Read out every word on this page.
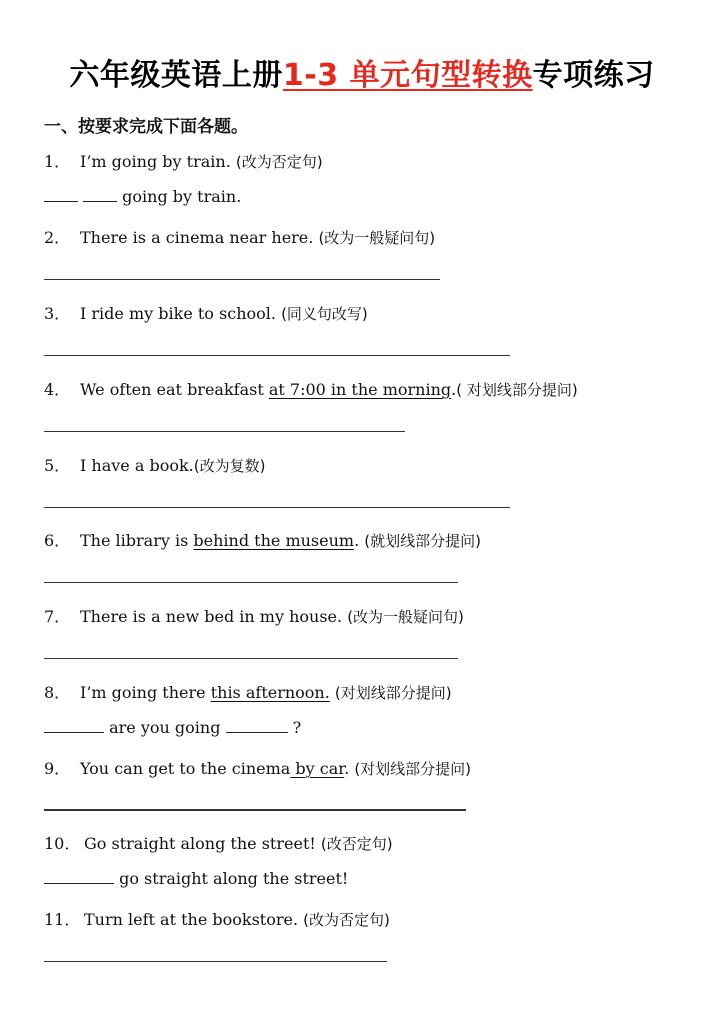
六年级英语上册1-3 单元句型转换专项练习
一、按要求完成下面各题。
1． I’m going by train. (改为否定句)
going by train.
2． There is a cinema near here. (改为一般疑问句)
3． I ride my bike to school. (同义句改写)
4． We often eat breakfast at 7:00 in the morning.( 对划线部分提问)
5． I have a book.(改为复数)
6． The library is behind the museum. (就划线部分提问)
7． There is a new bed in my house. (改为一般疑问句)
8． I’m going there this afternoon. (对划线部分提问)
are you going	?
9． You can get to the cinema by car. (对划线部分提问)
10． Go straight along the street! (改否定句)
go straight along the street!
11． Turn left at the bookstore. (改为否定句)
